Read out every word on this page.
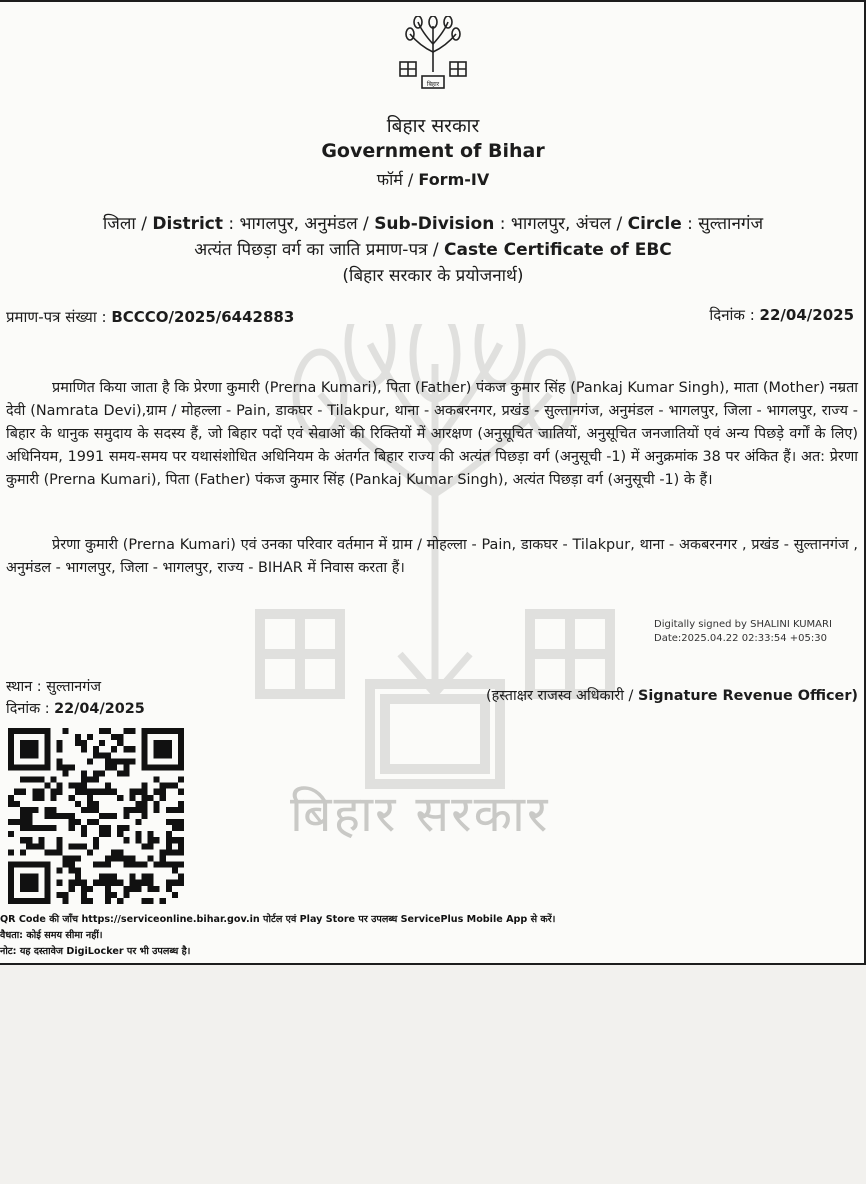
बिहार सरकार
बिहार
बिहार सरकार
Government of Bihar
फॉर्म / Form-IV
जिला / District : भागलपुर, अनुमंडल / Sub-Division : भागलपुर, अंचल / Circle : सुल्तानगंज
अत्यंत पिछड़ा वर्ग का जाति प्रमाण-पत्र / Caste Certificate of EBC
(बिहार सरकार के प्रयोजनार्थ)
प्रमाण-पत्र संख्या : BCCCO/2025/6442883	दिनांक : 22/04/2025

प्रमाणित किया जाता है कि प्रेरणा कुमारी (Prerna Kumari), पिता (Father) पंकज कुमार सिंह (Pankaj Kumar Singh), माता (Mother) नम्रता देवी (Namrata Devi),ग्राम / मोहल्ला - Pain, डाकघर - Tilakpur, थाना - अकबरनगर, प्रखंड - सुल्तानगंज, अनुमंडल - भागलपुर, जिला - भागलपुर, राज्य - बिहार के धानुक समुदाय के सदस्य हैं, जो बिहार पदों एवं सेवाओं की रिक्तियों में आरक्षण (अनुसूचित जातियों, अनुसूचित जनजातियों एवं अन्य पिछड़े वर्गों के लिए) अधिनियम, 1991 समय-समय पर यथासंशोधित अधिनियम के अंतर्गत बिहार राज्य की अत्यंत पिछड़ा वर्ग (अनुसूची -1) में अनुक्रमांक 38 पर अंकित हैं। अत: प्रेरणा कुमारी (Prerna Kumari), पिता (Father) पंकज कुमार सिंह (Pankaj Kumar Singh), अत्यंत पिछड़ा वर्ग (अनुसूची -1) के हैं।

प्रेरणा कुमारी (Prerna Kumari) एवं उनका परिवार वर्तमान में ग्राम / मोहल्ला - Pain, डाकघर - Tilakpur, थाना - अकबरनगर , प्रखंड - सुल्तानगंज , अनुमंडल - भागलपुर, जिला - भागलपुर, राज्य - BIHAR में निवास करता हैं।

Digitally signed by SHALINI KUMARI
Date:2025.04.22 02:33:54 +05:30
स्थान : सुल्तानगंज
दिनांक : 22/04/2025
(हस्ताक्षर राजस्व अधिकारी / Signature Revenue Officer)
QR Code की जाँच https://serviceonline.bihar.gov.in पोर्टल एवं Play Store पर उपलब्ध ServicePlus Mobile App से करें।
वैधता: कोई समय सीमा नहीं।
नोट: यह दस्तावेज DigiLocker पर भी उपलब्ध है।
